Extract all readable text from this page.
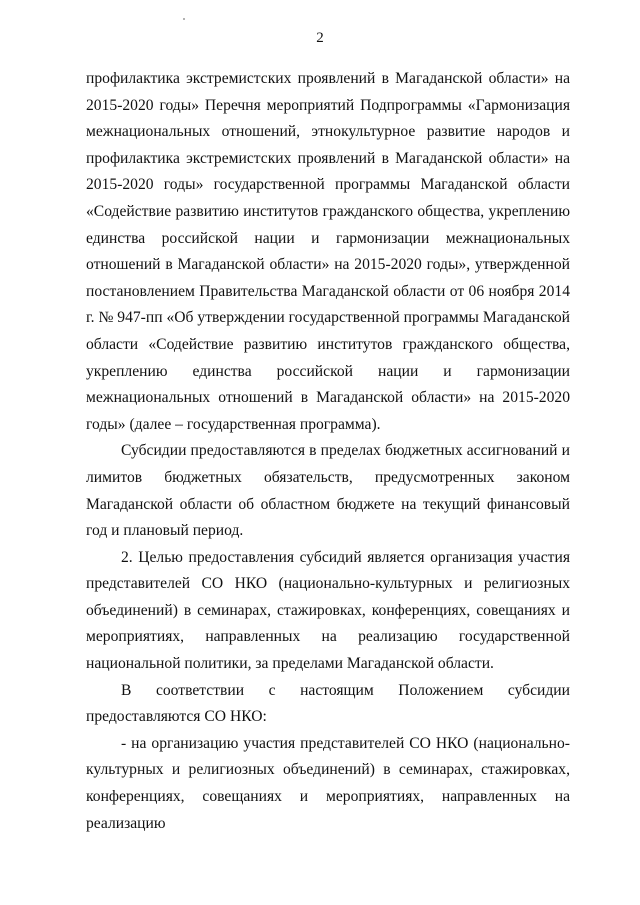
2

профилактика экстремистских проявлений в Магаданской области» на 2015-2020 годы» Перечня мероприятий Подпрограммы «Гармонизация межнациональных отношений, этнокультурное развитие народов и профилактика экстремистских проявлений в Магаданской области» на 2015-2020 годы» государственной программы Магаданской области «Содействие развитию институтов гражданского общества, укреплению единства российской нации и гармонизации межнациональных отношений в Магаданской области» на 2015-2020 годы», утвержденной постановлением Правительства Магаданской области от 06 ноября 2014 г. № 947-пп «Об утверждении государственной программы Магаданской области «Содействие развитию институтов гражданского общества, укреплению единства российской нации и гармонизации межнациональных отношений в Магаданской области» на 2015-2020 годы» (далее – государственная программа).

Субсидии предоставляются в пределах бюджетных ассигнований и лимитов бюджетных обязательств, предусмотренных законом Магаданской области об областном бюджете на текущий финансовый год и плановый период.

2. Целью предоставления субсидий является организация участия представителей СО НКО (национально-культурных и религиозных объединений) в семинарах, стажировках, конференциях, совещаниях и мероприятиях, направленных на реализацию государственной национальной политики, за пределами Магаданской области.

В соответствии с настоящим Положением субсидии предоставляются СО НКО:

- на организацию участия представителей СО НКО (национально-культурных и религиозных объединений) в семинарах, стажировках, конференциях, совещаниях и мероприятиях, направленных на реализацию
